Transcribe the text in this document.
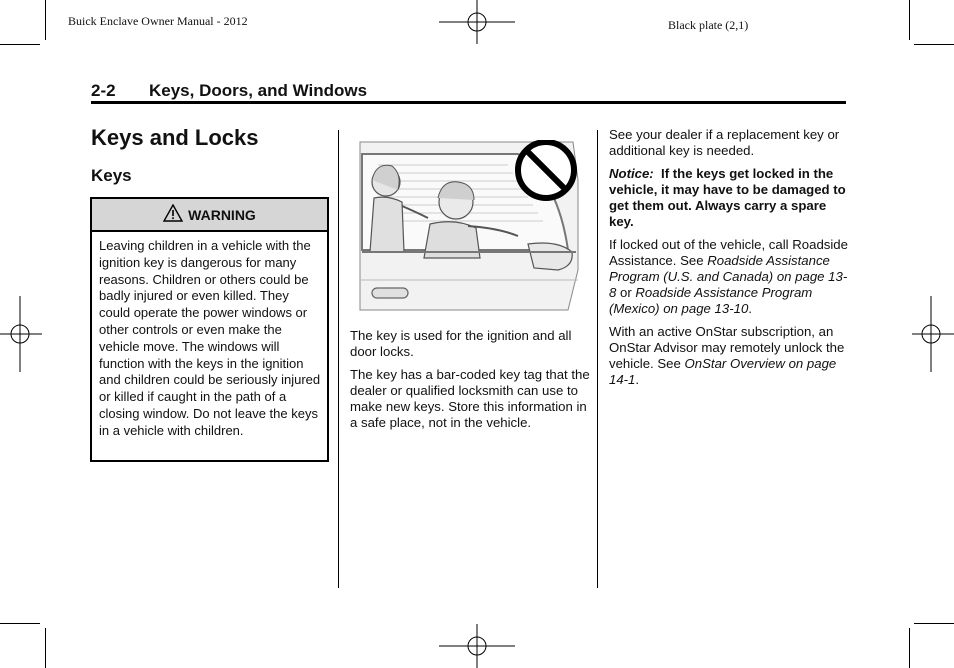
Buick Enclave Owner Manual - 2012	Black plate (2,1)
2-2 Keys, Doors, and Windows
Keys and Locks
Keys
WARNING
Leaving children in a vehicle with the ignition key is dangerous for many reasons. Children or others could be badly injured or even killed. They could operate the power windows or other controls or even make the vehicle move. The windows will function with the keys in the ignition and children could be seriously injured or killed if caught in the path of a closing window. Do not leave the keys in a vehicle with children.

The key is used for the ignition and all door locks.

The key has a bar-coded key tag that the dealer or qualified locksmith can use to make new keys. Store this information in a safe place, not in the vehicle.

See your dealer if a replacement key or additional key is needed.

Notice: If the keys get locked in the vehicle, it may have to be damaged to get them out. Always carry a spare key.

If locked out of the vehicle, call Roadside Assistance. See Roadside Assistance Program (U.S. and Canada) on page 13-8 or Roadside Assistance Program (Mexico) on page 13-10.

With an active OnStar subscription, an OnStar Advisor may remotely unlock the vehicle. See OnStar Overview on page 14-1.
